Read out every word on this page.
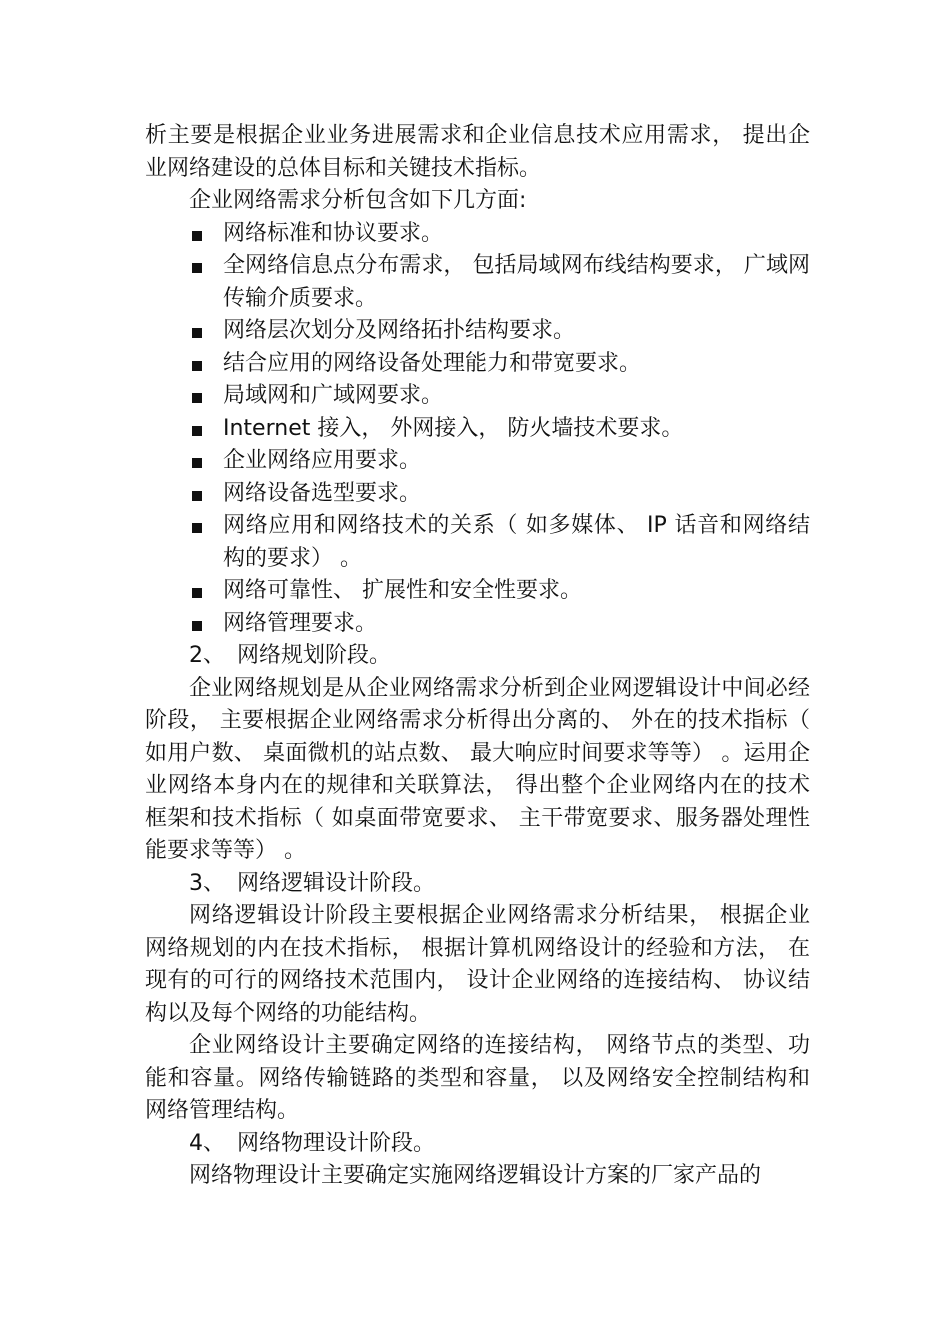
析主要是根据企业业务进展需求和企业信息技术应用需求， 提出企业网络建设的总体目标和关键技术指标。

企业网络需求分析包含如下几方面:

网络标准和协议要求。
全网络信息点分布需求， 包括局域网布线结构要求， 广域网传输介质要求。
网络层次划分及网络拓扑结构要求。
结合应用的网络设备处理能力和带宽要求。
局域网和广域网要求。
Internet 接入， 外网接入， 防火墙技术要求。
企业网络应用要求。
网络设备选型要求。
网络应用和网络技术的关系（ 如多媒体、 IP 话音和网络结构的要求） 。
网络可靠性、 扩展性和安全性要求。
网络管理要求。

2、 网络规划阶段。

企业网络规划是从企业网络需求分析到企业网逻辑设计中间必经阶段， 主要根据企业网络需求分析得出分离的、 外在的技术指标（ 如用户数、 桌面微机的站点数、 最大响应时间要求等等） 。运用企业网络本身内在的规律和关联算法， 得出整个企业网络内在的技术框架和技术指标（ 如桌面带宽要求、 主干带宽要求、服务器处理性能要求等等） 。

3、 网络逻辑设计阶段。

网络逻辑设计阶段主要根据企业网络需求分析结果， 根据企业网络规划的内在技术指标， 根据计算机网络设计的经验和方法， 在现有的可行的网络技术范围内， 设计企业网络的连接结构、 协议结构以及每个网络的功能结构。

企业网络设计主要确定网络的连接结构， 网络节点的类型、功能和容量。网络传输链路的类型和容量， 以及网络安全控制结构和网络管理结构。

4、 网络物理设计阶段。

网络物理设计主要确定实施网络逻辑设计方案的厂家产品的
